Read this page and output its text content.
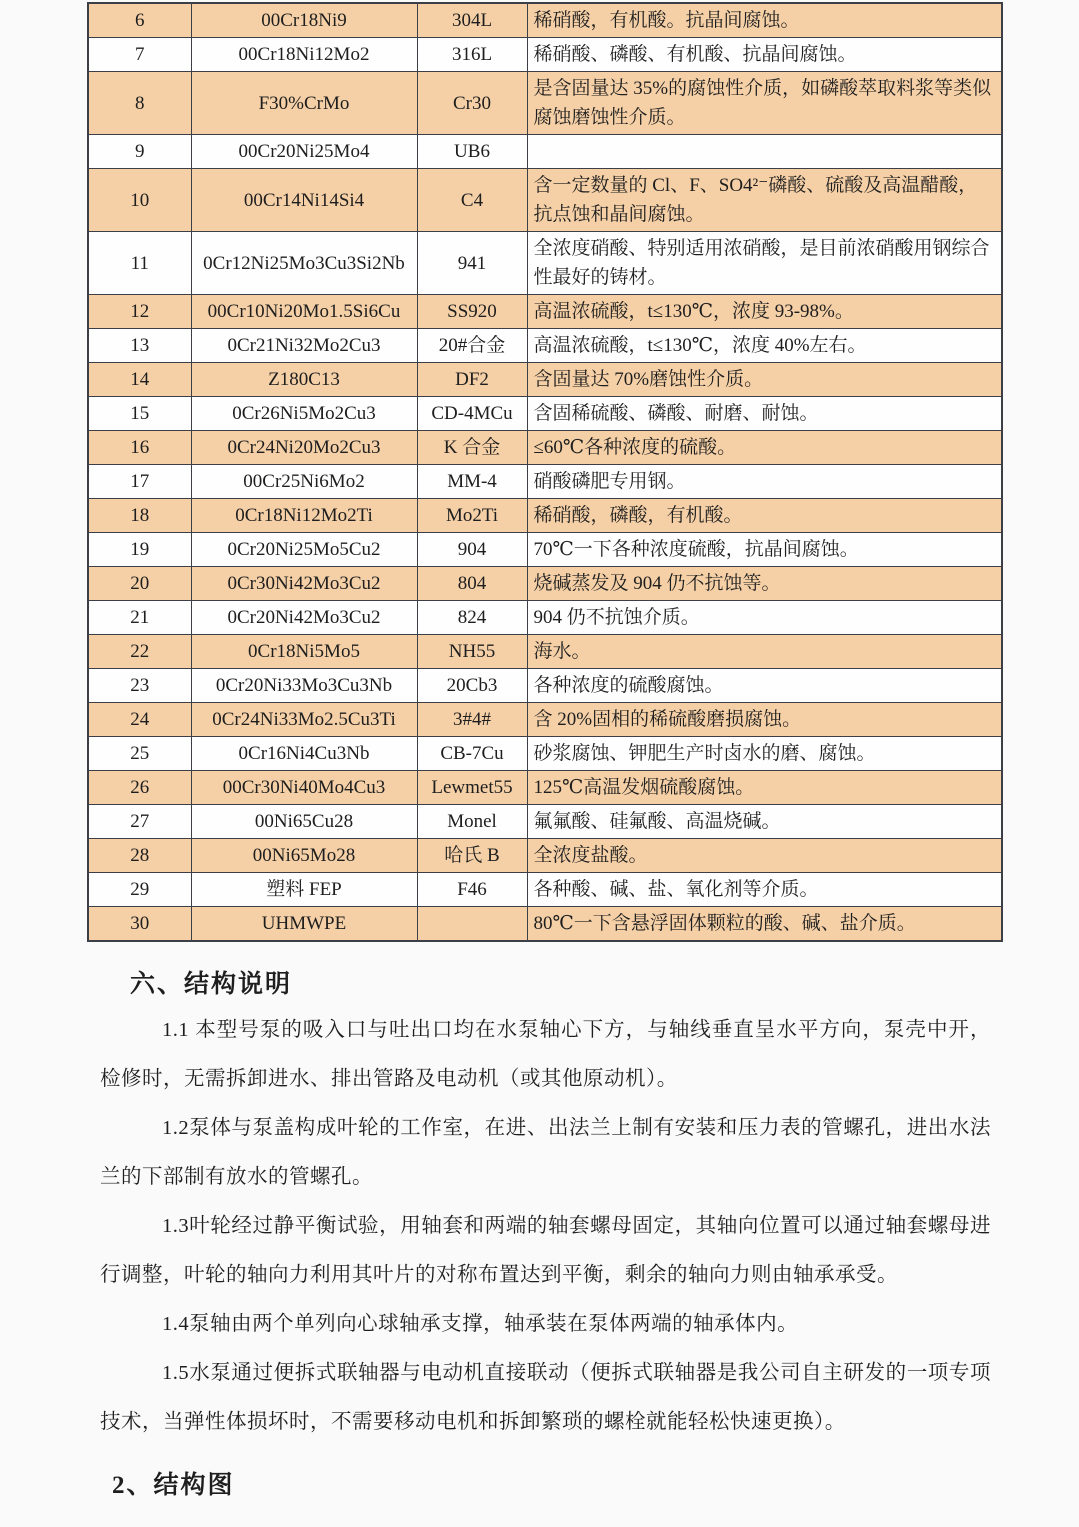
6	00Cr18Ni9	304L	稀硝酸，有机酸。抗晶间腐蚀。
7	00Cr18Ni12Mo2	316L	稀硝酸、磷酸、有机酸、抗晶间腐蚀。
8	F30%CrMo	Cr30	是含固量达 35%的腐蚀性介质，如磷酸萃取料浆等类似腐蚀磨蚀性介质。
9	00Cr20Ni25Mo4	UB6	
10	00Cr14Ni14Si4	C4	含一定数量的 Cl、F、SO4²⁻磷酸、硫酸及高温醋酸，抗点蚀和晶间腐蚀。
11	0Cr12Ni25Mo3Cu3Si2Nb	941	全浓度硝酸、特别适用浓硝酸，是目前浓硝酸用钢综合性最好的铸材。
12	00Cr10Ni20Mo1.5Si6Cu	SS920	高温浓硫酸，t≤130℃，浓度 93-98%。
13	0Cr21Ni32Mo2Cu3	20#合金	高温浓硫酸，t≤130℃，浓度 40%左右。
14	Z180C13	DF2	含固量达 70%磨蚀性介质。
15	0Cr26Ni5Mo2Cu3	CD-4MCu	含固稀硫酸、磷酸、耐磨、耐蚀。
16	0Cr24Ni20Mo2Cu3	K 合金	≤60℃各种浓度的硫酸。
17	00Cr25Ni6Mo2	MM-4	硝酸磷肥专用钢。
18	0Cr18Ni12Mo2Ti	Mo2Ti	稀硝酸，磷酸，有机酸。
19	0Cr20Ni25Mo5Cu2	904	70℃一下各种浓度硫酸，抗晶间腐蚀。
20	0Cr30Ni42Mo3Cu2	804	烧碱蒸发及 904 仍不抗蚀等。
21	0Cr20Ni42Mo3Cu2	824	904 仍不抗蚀介质。
22	0Cr18Ni5Mo5	NH55	海水。
23	0Cr20Ni33Mo3Cu3Nb	20Cb3	各种浓度的硫酸腐蚀。
24	0Cr24Ni33Mo2.5Cu3Ti	3#4#	含 20%固相的稀硫酸磨损腐蚀。
25	0Cr16Ni4Cu3Nb	CB-7Cu	砂浆腐蚀、钾肥生产时卤水的磨、腐蚀。
26	00Cr30Ni40Mo4Cu3	Lewmet55	125℃高温发烟硫酸腐蚀。
27	00Ni65Cu28	Monel	氟氟酸、硅氟酸、高温烧碱。
28	00Ni65Mo28	哈氏 B	全浓度盐酸。
29	塑料 FEP	F46	各种酸、碱、盐、氧化剂等介质。
30	UHMWPE		80℃一下含悬浮固体颗粒的酸、碱、盐介质。
六、结构说明

1.1 本型号泵的吸入口与吐出口均在水泵轴心下方，与轴线垂直呈水平方向，泵壳中开，检修时，无需拆卸进水、排出管路及电动机（或其他原动机）。

1.2泵体与泵盖构成叶轮的工作室，在进、出法兰上制有安装和压力表的管螺孔，进出水法兰的下部制有放水的管螺孔。

1.3叶轮经过静平衡试验，用轴套和两端的轴套螺母固定，其轴向位置可以通过轴套螺母进行调整，叶轮的轴向力利用其叶片的对称布置达到平衡，剩余的轴向力则由轴承承受。

1.4泵轴由两个单列向心球轴承支撑，轴承装在泵体两端的轴承体内。

1.5水泵通过便拆式联轴器与电动机直接联动（便拆式联轴器是我公司自主研发的一项专项技术，当弹性体损坏时，不需要移动电机和拆卸繁琐的螺栓就能轻松快速更换）。

2、结构图
